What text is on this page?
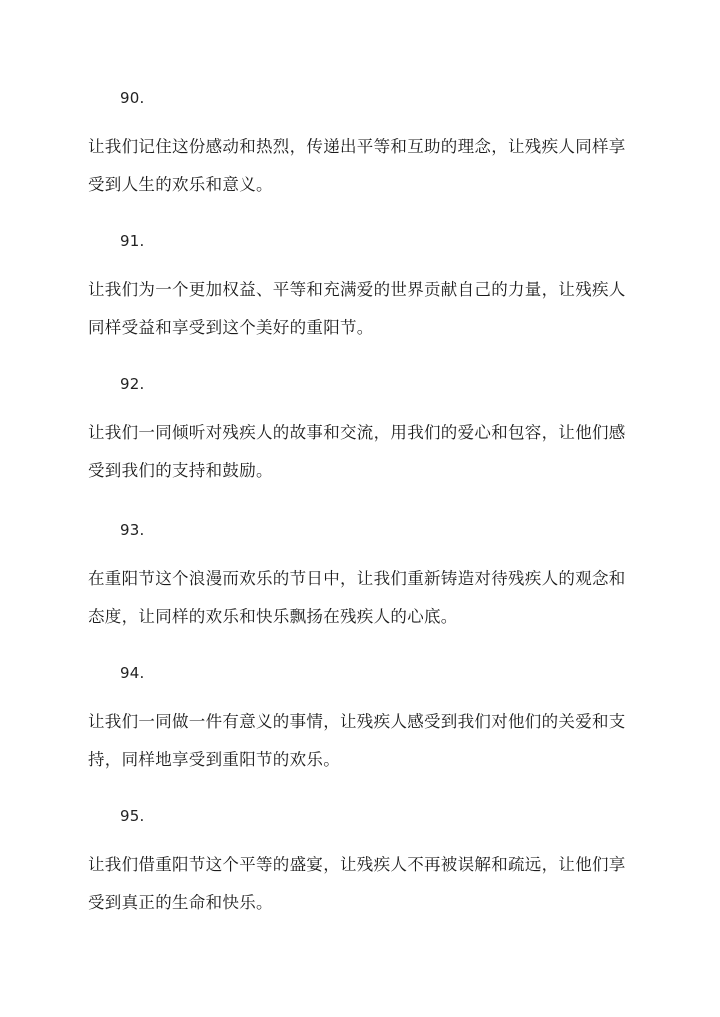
90.

让我们记住这份感动和热烈，传递出平等和互助的理念，让残疾人同样享受到人生的欢乐和意义。

91.

让我们为一个更加权益、平等和充满爱的世界贡献自己的力量，让残疾人同样受益和享受到这个美好的重阳节。

92.

让我们一同倾听对残疾人的故事和交流，用我们的爱心和包容，让他们感受到我们的支持和鼓励。

93.

在重阳节这个浪漫而欢乐的节日中，让我们重新铸造对待残疾人的观念和态度，让同样的欢乐和快乐飘扬在残疾人的心底。

94.

让我们一同做一件有意义的事情，让残疾人感受到我们对他们的关爱和支持，同样地享受到重阳节的欢乐。

95.

让我们借重阳节这个平等的盛宴，让残疾人不再被误解和疏远，让他们享受到真正的生命和快乐。
